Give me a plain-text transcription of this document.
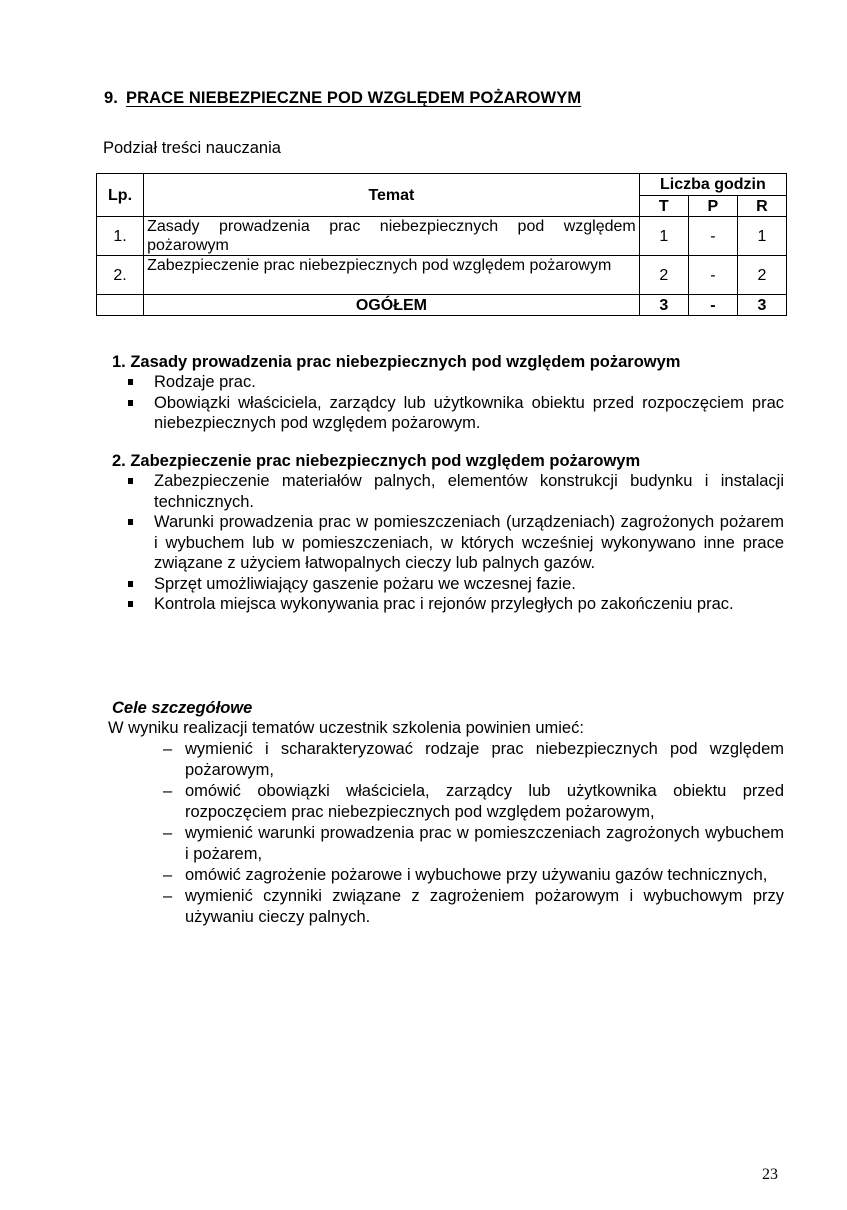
9. PRACE NIEBEZPIECZNE POD WZGLĘDEM POŻAROWYM
Podział treści nauczania
Lp.	Temat	Liczba godzin		
		T	P	R
1.	Zasady prowadzenia prac niebezpiecznych pod względem pożarowym	1	-	1
2.	Zabezpieczenie prac niebezpiecznych pod względem pożarowym	2	-	2
	OGÓŁEM	3	-	3
1. Zasady prowadzenia prac niebezpiecznych pod względem pożarowym
Rodzaje prac.
Obowiązki właściciela, zarządcy lub użytkownika obiektu przed rozpoczęciem prac niebezpiecznych pod względem pożarowym.
2. Zabezpieczenie prac niebezpiecznych pod względem pożarowym
Zabezpieczenie materiałów palnych, elementów konstrukcji budynku i instalacji technicznych.
Warunki prowadzenia prac w pomieszczeniach (urządzeniach) zagrożonych pożarem i wybuchem lub w pomieszczeniach, w których wcześniej wykonywano inne prace związane z użyciem łatwopalnych cieczy lub palnych gazów.
Sprzęt umożliwiający gaszenie pożaru we wczesnej fazie.
Kontrola miejsca wykonywania prac i rejonów przyległych po zakończeniu prac.
Cele szczegółowe
W wyniku realizacji tematów uczestnik szkolenia powinien umieć:
– wymienić i scharakteryzować rodzaje prac niebezpiecznych pod względem pożarowym,
– omówić obowiązki właściciela, zarządcy lub użytkownika obiektu przed rozpoczęciem prac niebezpiecznych pod względem pożarowym,
– wymienić warunki prowadzenia prac w pomieszczeniach zagrożonych wybuchem i pożarem,
– omówić zagrożenie pożarowe i wybuchowe przy używaniu gazów technicznych,
– wymienić czynniki związane z zagrożeniem pożarowym i wybuchowym przy używaniu cieczy palnych.
23
